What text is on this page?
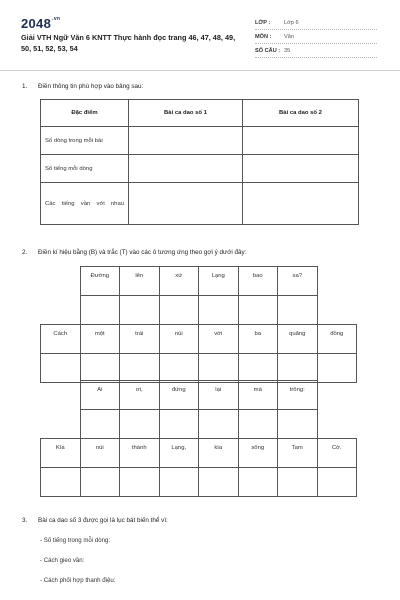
$2048^{.vn}$
Giải VTH Ngữ Văn 6 KNTT Thực hành đọc trang 46, 47, 48, 49, 50, 51, 52, 53, 54
LỚP : Lớp 6
MÔN : Văn
SỐ CÂU : 35
1. Điền thông tin phù hợp vào bảng sau:
Đặc điểm	Bài ca dao số 1	Bài ca dao số 2
Số dòng trong mỗi bài		
Số tiếng mỗi dòng		
Các tiếng vần với nhau		
2. Điền kí hiệu bằng (B) và trắc (T) vào các ô tương ứng theo gợi ý dưới đây:
	Đường	lên	xứ	Lạng	bao	xa?	

Cách	một	trái	núi	với	ba	quãng	đồng

	Ai	ơi,	đứng	lại	mà	trông:	

Kìa	núi	thành	Lạng,	kìa	sông	Tam	Cờ.

3. Bài ca dao số 3 được gọi là lục bát biến thể vì:
- Số tiếng trong mỗi dòng:
- Cách gieo vần:
- Cách phối hợp thanh điệu:
